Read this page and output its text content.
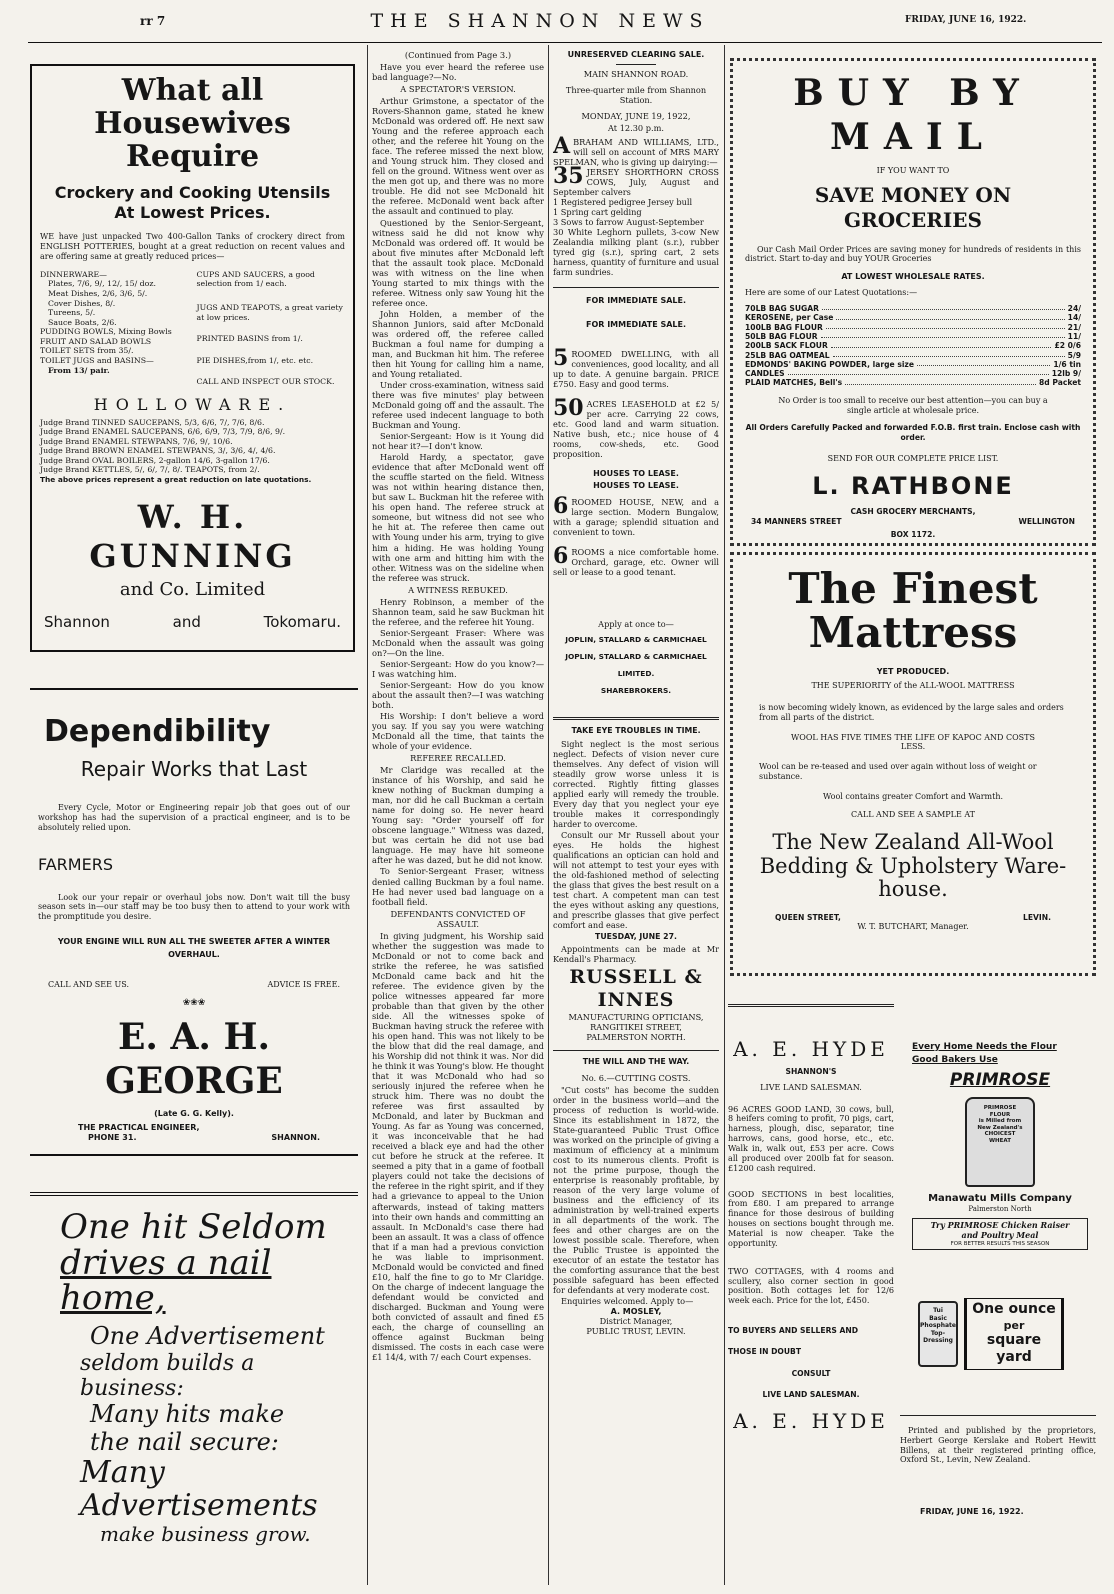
rr 7	THE SHANNON NEWS	FRIDAY, JUNE 16, 1922.
What all Housewives
Require
Crockery and Cooking Utensils
At Lowest Prices.
WE have just unpacked Two 400-Gallon Tanks of crockery direct from ENGLISH POTTERIES, bought at a great reduction on recent values and are offering same at greatly reduced prices—
DINNERWARE—
Plates, 7/6, 9/, 12/, 15/ doz.
Meat Dishes, 2/6, 3/6, 5/.
Cover Dishes, 8/.
Tureens, 5/.
Sauce Boats, 2/6.
PUDDING BOWLS, Mixing Bowls
FRUIT AND SALAD BOWLS
TOILET SETS from 35/.
TOILET JUGS and BASINS—
From 13/ pair.
CUPS AND SAUCERS, a good selection from 1/ each.
JUGS AND TEAPOTS, a great variety at low prices.
PRINTED BASINS from 1/.
PIE DISHES,from 1/, etc. etc.
CALL AND INSPECT OUR STOCK.
HOLLOWARE.
Judge Brand TINNED SAUCEPANS, 5/3, 6/6, 7/, 7/6, 8/6.
Judge Brand ENAMEL SAUCEPANS, 6/6, 6/9, 7/3, 7/9, 8/6, 9/.
Judge Brand ENAMEL STEWPANS, 7/6, 9/, 10/6.
Judge Brand BROWN ENAMEL STEWPANS, 3/, 3/6, 4/, 4/6.
Judge Brand OVAL BOILERS, 2-gallon 14/6, 3-gallon 17/6.
Judge Brand KETTLES, 5/, 6/, 7/, 8/. TEAPOTS, from 2/.
The above prices represent a great reduction on late quotations.
W. H. GUNNING
and Co. Limited
Shannon	and	Tokomaru.
Dependibility
Repair Works that Last
Every Cycle, Motor or Engineering repair job that goes out of our workshop has had the supervision of a practical engineer, and is to be absolutely relied upon.
FARMERS
Look our your repair or overhaul jobs now. Don't wait till the busy season sets in—our staff may be too busy then to attend to your work with the promptitude you desire.
YOUR ENGINE WILL RUN ALL THE SWEETER AFTER A WINTER OVERHAUL.
CALL AND SEE US.	ADVICE IS FREE.
❀❀❀
E. A. H. GEORGE
(Late G. G. Kelly).
THE PRACTICAL ENGINEER,
PHONE 31.	SHANNON.
One hit Seldom
drives a nail home,
One Advertisement
seldom builds a business:
Many hits make
the nail secure:
Many
Advertisements
make business grow.
(Continued from Page 3.)

Have you ever heard the referee use bad language?—No.

A SPECTATOR'S VERSION.

Arthur Grimstone, a spectator of the Rovers-Shannon game, stated he knew McDonald was ordered off. He next saw Young and the referee approach each other, and the referee hit Young on the face. The referee missed the next blow, and Young struck him. They closed and fell on the ground. Witness went over as the men got up, and there was no more trouble. He did not see McDonald hit the referee. McDonald went back after the assault and continued to play.

Questioned by the Senior-Sergeant, witness said he did not know why McDonald was ordered off. It would be about five minutes after McDonald left that the assault took place. McDonald was with witness on the line when Young started to mix things with the referee. Witness only saw Young hit the referee once.

John Holden, a member of the Shannon Juniors, said after McDonald was ordered off, the referee called Buckman a foul name for dumping a man, and Buckman hit him. The referee then hit Young for calling him a name, and Young retaliated.

Under cross-examination, witness said there was five minutes' play between McDonald going off and the assault. The referee used indecent language to both Buckman and Young.

Senior-Sergeant: How is it Young did not hear it?—I don't know.

Harold Hardy, a spectator, gave evidence that after McDonald went off the scuffle started on the field. Witness was not within hearing distance then, but saw L. Buckman hit the referee with his open hand. The referee struck at someone, but witness did not see who he hit at. The referee then came out with Young under his arm, trying to give him a hiding. He was holding Young with one arm and hitting him with the other. Witness was on the sideline when the referee was struck.

A WITNESS REBUKED.

Henry Robinson, a member of the Shannon team, said he saw Buckman hit the referee, and the referee hit Young.

Senior-Sergeant Fraser: Where was McDonald when the assault was going on?—On the line.

Senior-Sergeant: How do you know?—I was watching him.

Senior-Sergeant: How do you know about the assault then?—I was watching both.

His Worship: I don't believe a word you say. If you say you were watching McDonald all the time, that taints the whole of your evidence.

REFEREE RECALLED.

Mr Claridge was recalled at the instance of his Worship, and said he knew nothing of Buckman dumping a man, nor did he call Buckman a certain name for doing so. He never heard Young say: "Order yourself off for obscene language." Witness was dazed, but was certain he did not use bad language. He may have hit someone after he was dazed, but he did not know.

To Senior-Sergeant Fraser, witness denied calling Buckman by a foul name. He had never used bad language on a football field.

DEFENDANTS CONVICTED OF ASSAULT.

In giving judgment, his Worship said whether the suggestion was made to McDonald or not to come back and strike the referee, he was satisfied McDonald came back and hit the referee. The evidence given by the police witnesses appeared far more probable than that given by the other side. All the witnesses spoke of Buckman having struck the referee with his open hand. This was not likely to be the blow that did the real damage, and his Worship did not think it was. Nor did he think it was Young's blow. He thought that it was McDonald who had so seriously injured the referee when he struck him. There was no doubt the referee was first assaulted by McDonald, and later by Buckman and Young. As far as Young was concerned, it was inconceivable that he had received a black eye and had the other cut before he struck at the referee. It seemed a pity that in a game of football players could not take the decisions of the referee in the right spirit, and if they had a grievance to appeal to the Union afterwards, instead of taking matters into their own hands and committing an assault. In McDonald's case there had been an assault. It was a class of offence that if a man had a previous conviction he was liable to imprisonment. McDonald would be convicted and fined £10, half the fine to go to Mr Claridge. On the charge of indecent language the defendant would be convicted and discharged. Buckman and Young were both convicted of assault and fined £5 each, the charge of counselling an offence against Buckman being dismissed. The costs in each case were £1 14/4, with 7/ each Court expenses.

UNRESERVED CLEARING SALE.
MAIN SHANNON ROAD.
Three-quarter mile from Shannon Station.
MONDAY, JUNE 19, 1922,
At 12.30 p.m.
ABRAHAM AND WILLIAMS, LTD., will sell on account of MRS MARY SPELMAN, who is giving up dairying:—
35 JERSEY SHORTHORN CROSS COWS, July, August and September calvers
1 Registered pedigree Jersey bull
1 Spring cart gelding
3 Sows to farrow August-September
30 White Leghorn pullets, 3-cow New Zealandia milking plant (s.r.), rubber tyred gig (s.r.), spring cart, 2 sets harness, quantity of furniture and usual farm sundries.
FOR IMMEDIATE SALE.
FOR IMMEDIATE SALE.
5 ROOMED DWELLING, with all conveniences, good locality, and all up to date. A genuine bargain. PRICE £750. Easy and good terms.
50 ACRES LEASEHOLD at £2 5/ per acre. Carrying 22 cows, etc. Good land and warm situation. Native bush, etc.; nice house of 4 rooms, cow-sheds, etc. Good proposition.
HOUSES TO LEASE.
HOUSES TO LEASE.
6 ROOMED HOUSE, NEW, and a large section. Modern Bungalow, with a garage; splendid situation and convenient to town.
6 ROOMS a nice comfortable home. Orchard, garage, etc. Owner will sell or lease to a good tenant.
Apply at once to—
JOPLIN, STALLARD & CARMICHAEL
JOPLIN, STALLARD & CARMICHAEL
LIMITED.
SHAREBROKERS.
TAKE EYE TROUBLES IN TIME.

Sight neglect is the most serious neglect. Defects of vision never cure themselves. Any defect of vision will steadily grow worse unless it is corrected. Rightly fitting glasses applied early will remedy the trouble. Every day that you neglect your eye trouble makes it correspondingly harder to overcome.

Consult our Mr Russell about your eyes. He holds the highest qualifications an optician can hold and will not attempt to test your eyes with the old-fashioned method of selecting the glass that gives the best result on a test chart. A competent man can test the eyes without asking any questions, and prescribe glasses that give perfect comfort and ease.

TUESDAY, JUNE 27.

Appointments can be made at Mr Kendall's Pharmacy.

RUSSELL &
INNES
MANUFACTURING OPTICIANS,
RANGITIKEI STREET,
PALMERSTON NORTH.
THE WILL AND THE WAY.
No. 6.—CUTTING COSTS.

"Cut costs" has become the sudden order in the business world—and the process of reduction is world-wide. Since its establishment in 1872, the State-guaranteed Public Trust Office was worked on the principle of giving a maximum of efficiency at a minimum cost to its numerous clients. Profit is not the prime purpose, though the enterprise is reasonably profitable, by reason of the very large volume of business and the efficiency of its administration by well-trained experts in all departments of the work. The fees and other charges are on the lowest possible scale. Therefore, when the Public Trustee is appointed the executor of an estate the testator has the comforting assurance that the best possible safeguard has been effected for defendants at very moderate cost.

Enquiries welcomed. Apply to—

A. MOSLEY,
District Manager,
PUBLIC TRUST, LEVIN.
BUY BY MAIL
IF YOU WANT TO
SAVE MONEY ON GROCERIES
Our Cash Mail Order Prices are saving money for hundreds of residents in this district. Start to-day and buy YOUR Groceries
AT LOWEST WHOLESALE RATES.
Here are some of our Latest Quotations:—
70LB BAG SUGAR	24/
KEROSENE, per Case	14/
100LB BAG FLOUR	21/
50LB BAG FLOUR	11/
200LB SACK FLOUR	£2 0/6
25LB BAG OATMEAL	5/9
EDMONDS' BAKING POWDER, large size	1/6 tin
CANDLES	12lb 9/
PLAID MATCHES, Bell's	8d Packet
No Order is too small to receive our best attention—you can buy a single article at wholesale price.
All Orders Carefully Packed and forwarded F.O.B. first train. Enclose cash with order.
SEND FOR OUR COMPLETE PRICE LIST.
L. RATHBONE
CASH GROCERY MERCHANTS,
34 MANNERS STREET	WELLINGTON
BOX 1172.
The Finest
Mattress
YET PRODUCED.
THE SUPERIORITY of the ALL-WOOL MATTRESS
is now becoming widely known, as evidenced by the large sales and orders from all parts of the district.
WOOL HAS FIVE TIMES THE LIFE OF KAPOC AND COSTS LESS.
Wool can be re-teased and used over again without loss of weight or substance.
Wool contains greater Comfort and Warmth.
CALL AND SEE A SAMPLE AT
The New Zealand All-Wool
Bedding & Upholstery Ware-
house.
QUEEN STREET,	LEVIN.
W. T. BUTCHART, Manager.
A. E. HYDE
SHANNON'S
LIVE LAND SALESMAN.

96 ACRES GOOD LAND, 30 cows, bull, 8 heifers coming to profit, 70 pigs, cart, harness, plough, disc, separator, tine harrows, cans, good horse, etc., etc. Walk in, walk out, £53 per acre. Cows all produced over 200lb fat for season. £1200 cash required.

GOOD SECTIONS in best localities, from £80. I am prepared to arrange finance for those desirous of building houses on sections bought through me. Material is now cheaper. Take the opportunity.

TWO COTTAGES, with 4 rooms and scullery, also corner section in good position. Both cottages let for 12/6 week each. Price for the lot, £450.

TO BUYERS AND SELLERS AND
THOSE IN DOUBT
CONSULT
LIVE LAND SALESMAN.
A. E. HYDE
Every Home Needs the Flour
Good Bakers Use
PRIMROSE
PRIMROSE
FLOUR
is Milled from
New Zealand's
CHOICEST
WHEAT
Manawatu Mills Company
Palmerston North
Try PRIMROSE Chicken Raiser
and Poultry Meal
FOR BETTER RESULTS THIS SEASON
Tui
Basic
Phosphate
Top-
Dressing
One ounce
per
square yard
Printed and published by the proprietors, Herbert George Kerslake and Robert Hewitt Billens, at their registered printing office, Oxford St., Levin, New Zealand.
FRIDAY, JUNE 16, 1922.
